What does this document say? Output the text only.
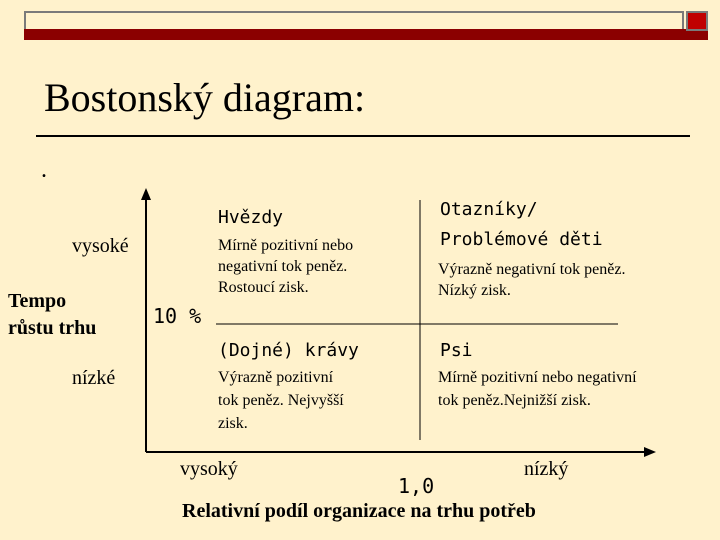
Bostonský diagram:
.
vysoké
Tempo
růstu trhu	10 %
nízké
Hvězdy
Mírně pozitivní nebo
negativní tok peněz.
Rostoucí zisk.
Otazníky/
Problémové děti
Výrazně negativní tok peněz.
Nízký zisk.
(Dojné) krávy
Výrazně pozitivní
tok peněz. Nejvyšší
zisk.
Psi
Mírně pozitivní nebo negativní
tok peněz.Nejnižší zisk.
vysoký
1,0
nízký
Relativní podíl organizace na trhu potřeb
